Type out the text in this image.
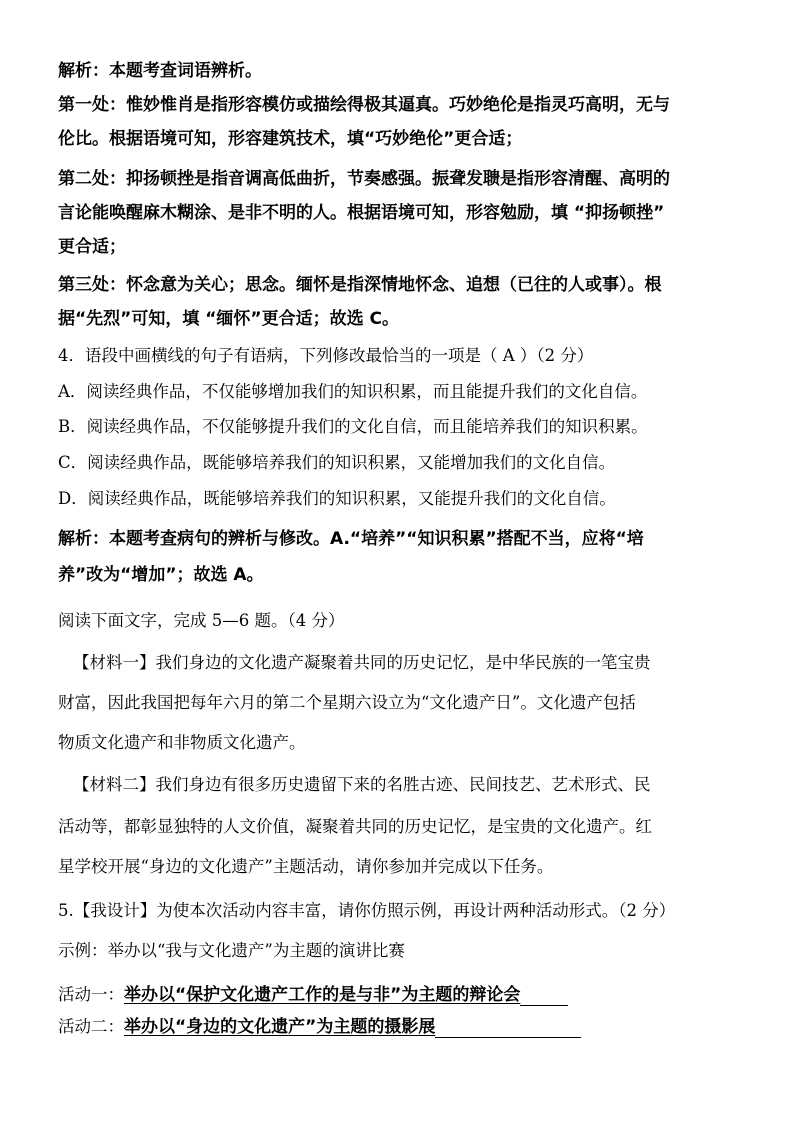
解析：本题考查词语辨析。
第一处：惟妙惟肖是指形容模仿或描绘得极其逼真。巧妙绝伦是指灵巧高明，无与
伦比。根据语境可知，形容建筑技术，填“巧妙绝伦”更合适；
第二处：抑扬顿挫是指音调高低曲折，节奏感强。振聋发聩是指形容清醒、高明的
言论能唤醒麻木糊涂、是非不明的人。根据语境可知，形容勉励，填 “抑扬顿挫”
更合适；
第三处：怀念意为关心；思念。缅怀是指深情地怀念、追想（已往的人或事）。根
据“先烈”可知，填 “缅怀”更合适；故选 C。
4．语段中画横线的句子有语病，下列修改最恰当的一项是（ A ）（2 分）
A．阅读经典作品，不仅能够增加我们的知识积累，而且能提升我们的文化自信。
B．阅读经典作品，不仅能够提升我们的文化自信，而且能培养我们的知识积累。
C．阅读经典作品，既能够培养我们的知识积累，又能增加我们的文化自信。
D．阅读经典作品，既能够培养我们的知识积累，又能提升我们的文化自信。
解析：本题考查病句的辨析与修改。A.“培养”“知识积累”搭配不当，应将“培
养”改为“增加”；故选 A。
阅读下面文字，完成 5—6 题。（4 分）
【材料一】我们身边的文化遗产凝聚着共同的历史记忆，是中华民族的一笔宝贵
财富，因此我国把每年六月的第二个星期六设立为“文化遗产日”。文化遗产包括
物质文化遗产和非物质文化遗产。
【材料二】我们身边有很多历史遗留下来的名胜古迹、民间技艺、艺术形式、民
活动等，都彰显独特的人文价值，凝聚着共同的历史记忆，是宝贵的文化遗产。红
星学校开展“身边的文化遗产”主题活动，请你参加并完成以下任务。
5.【我设计】为使本次活动内容丰富，请你仿照示例，再设计两种活动形式。（2 分）
示例：举办以“我与文化遗产”为主题的演讲比赛
活动一：举办以“保护文化遗产工作的是与非”为主题的辩论会
活动二：举办以“身边的文化遗产”为主题的摄影展
